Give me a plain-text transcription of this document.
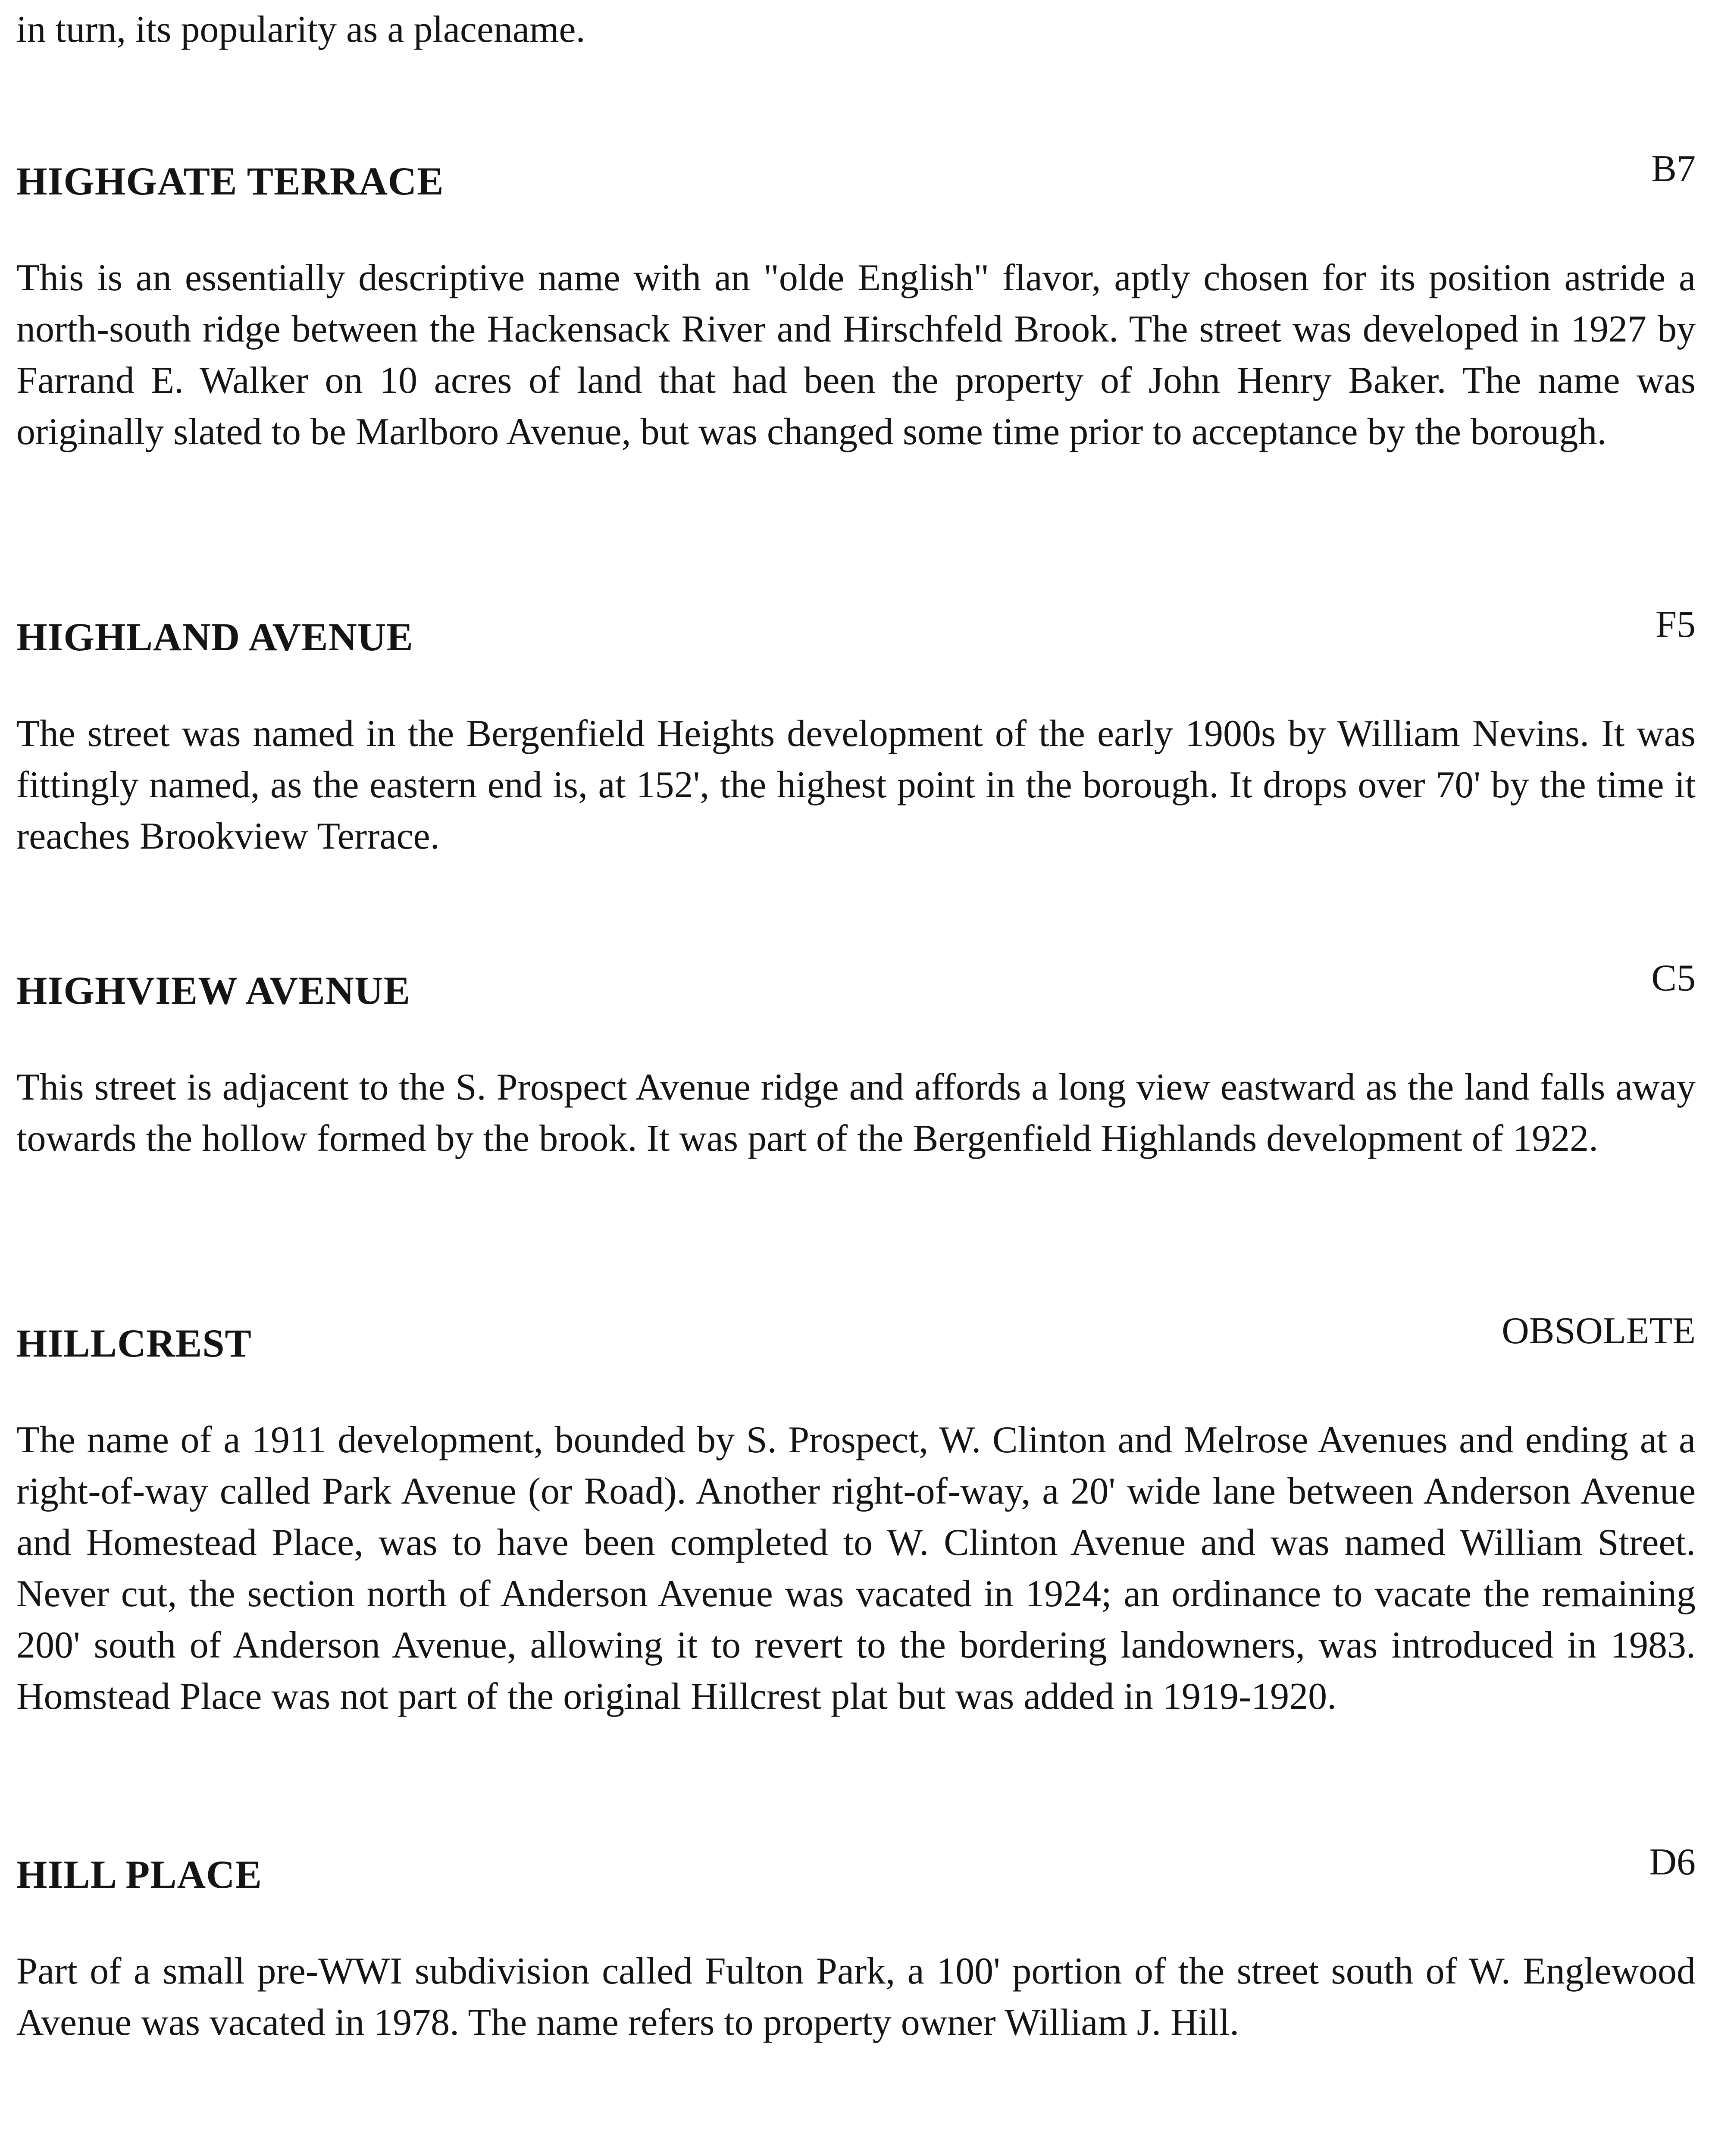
in turn, its popularity as a placename.

HIGHGATE TERRACE	B7

This is an essentially descriptive name with an "olde English" flavor, aptly chosen for its position astride a north-south ridge between the Hackensack River and Hirschfeld Brook. The street was developed in 1927 by Farrand E. Walker on 10 acres of land that had been the property of John Henry Baker. The name was originally slated to be Marlboro Avenue, but was changed some time prior to acceptance by the borough.

HIGHLAND AVENUE	F5

The street was named in the Bergenfield Heights development of the early 1900s by William Nevins. It was fittingly named, as the eastern end is, at 152', the highest point in the borough. It drops over 70' by the time it reaches Brookview Terrace.

HIGHVIEW AVENUE	C5

This street is adjacent to the S. Prospect Avenue ridge and affords a long view eastward as the land falls away towards the hollow formed by the brook. It was part of the Bergenfield Highlands development of 1922.

HILLCREST	OBSOLETE

The name of a 1911 development, bounded by S. Prospect, W. Clinton and Melrose Avenues and ending at a right-of-way called Park Avenue (or Road). Another right-of-way, a 20' wide lane between Anderson Avenue and Homestead Place, was to have been completed to W. Clinton Avenue and was named William Street. Never cut, the section north of Anderson Avenue was vacated in 1924; an ordinance to vacate the remaining 200' south of Anderson Avenue, allowing it to revert to the bordering landowners, was introduced in 1983. Homstead Place was not part of the original Hillcrest plat but was added in 1919-1920.

HILL PLACE	D6

Part of a small pre-WWI subdivision called Fulton Park, a 100' portion of the street south of W. Englewood Avenue was vacated in 1978. The name refers to property owner William J. Hill.
